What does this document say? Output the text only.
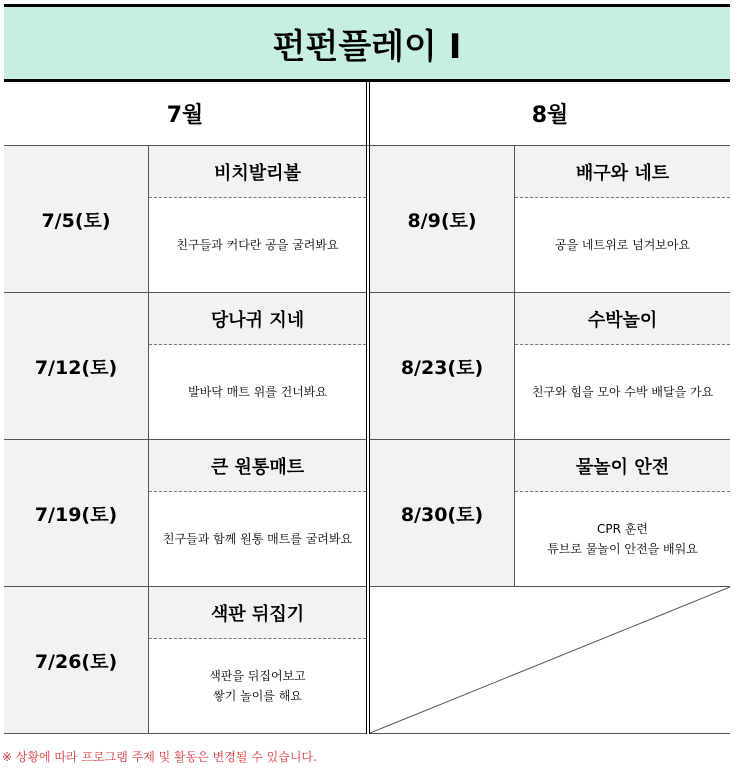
펀펀플레이 I
7월	8월
7/5(토)
비치발리볼
친구들과 커다란 공을 굴려봐요
7/12(토)
당나귀 지네
발바닥 매트 위를 건너봐요
7/19(토)
큰 원통매트
친구들과 함께 원통 매트를 굴려봐요
7/26(토)
색판 뒤집기
색판을 뒤집어보고
쌓기 놀이를 해요
8/9(토)
배구와 네트
공을 네트위로 넘겨보아요
8/23(토)
수박놀이
친구와 힘을 모아 수박 배달을 가요
8/30(토)
물놀이 안전
CPR 훈련
튜브로 물놀이 안전을 배워요
※ 상황에 따라 프로그램 주제 및 활동은 변경될 수 있습니다.
